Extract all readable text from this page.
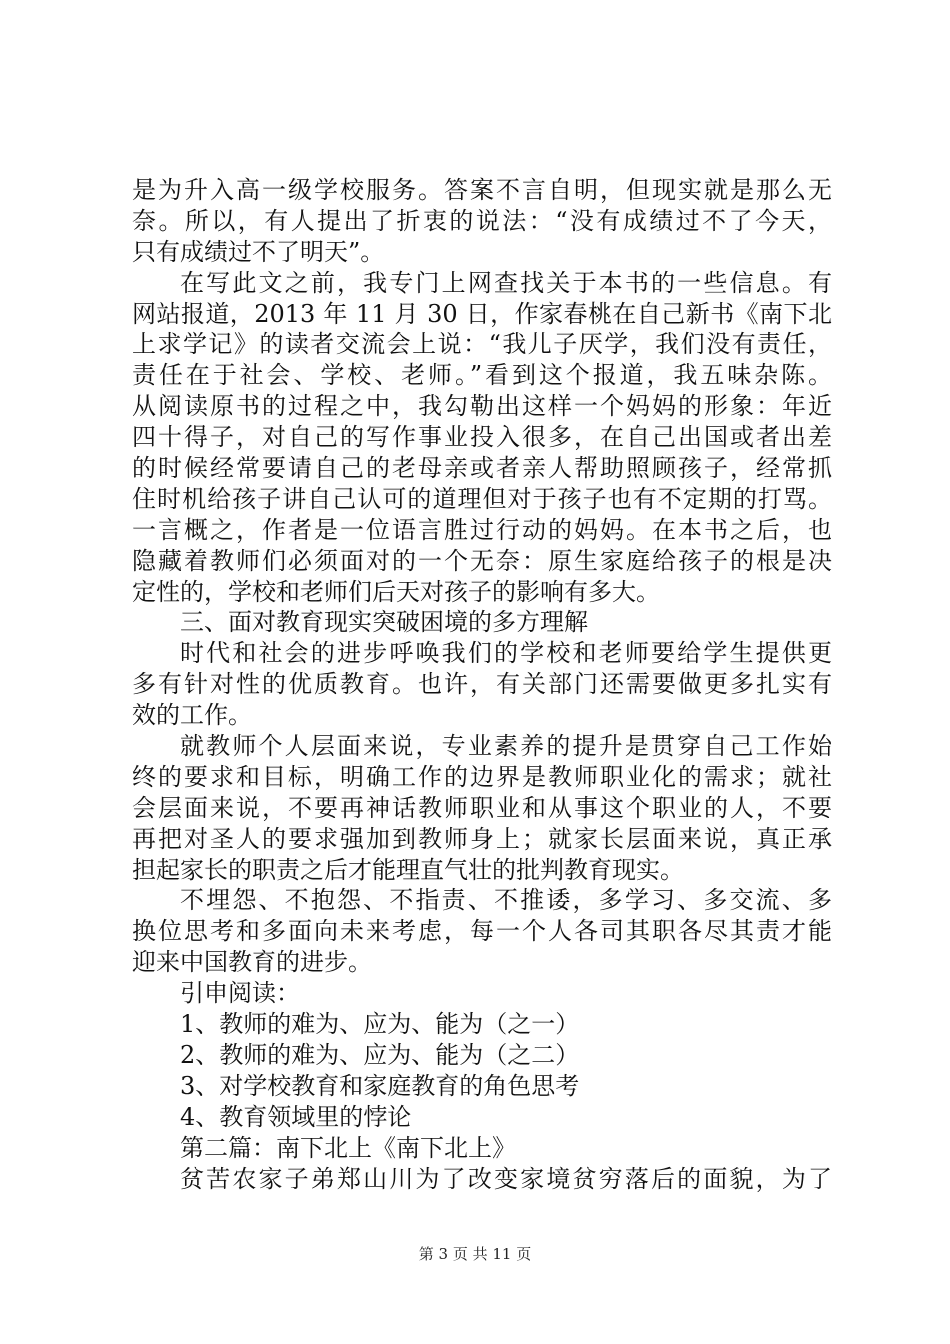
是为升入高一级学校服务。答案不言自明，但现实就是那么无
奈。所以，有人提出了折衷的说法：“没有成绩过不了今天，
只有成绩过不了明天”。
在写此文之前，我专门上网查找关于本书的一些信息。有
网站报道，2013 年 11 月 30 日，作家春桃在自己新书《南下北
上求学记》的读者交流会上说：“我儿子厌学，我们没有责任，
责任在于社会、学校、老师。”看到这个报道，我五味杂陈。
从阅读原书的过程之中，我勾勒出这样一个妈妈的形象：年近
四十得子，对自己的写作事业投入很多，在自己出国或者出差
的时候经常要请自己的老母亲或者亲人帮助照顾孩子，经常抓
住时机给孩子讲自己认可的道理但对于孩子也有不定期的打骂。
一言概之，作者是一位语言胜过行动的妈妈。在本书之后，也
隐藏着教师们必须面对的一个无奈：原生家庭给孩子的根是决
定性的，学校和老师们后天对孩子的影响有多大。
三、面对教育现实突破困境的多方理解
时代和社会的进步呼唤我们的学校和老师要给学生提供更
多有针对性的优质教育。也许，有关部门还需要做更多扎实有
效的工作。
就教师个人层面来说，专业素养的提升是贯穿自己工作始
终的要求和目标，明确工作的边界是教师职业化的需求；就社
会层面来说，不要再神话教师职业和从事这个职业的人，不要
再把对圣人的要求强加到教师身上；就家长层面来说，真正承
担起家长的职责之后才能理直气壮的批判教育现实。
不埋怨、不抱怨、不指责、不推诿，多学习、多交流、多
换位思考和多面向未来考虑，每一个人各司其职各尽其责才能
迎来中国教育的进步。
引申阅读：
1、教师的难为、应为、能为（之一）
2、教师的难为、应为、能为（之二）
3、对学校教育和家庭教育的角色思考
4、教育领域里的悖论
第二篇：南下北上《南下北上》
贫苦农家子弟郑山川为了改变家境贫穷落后的面貌，为了
第 3 页 共 11 页
